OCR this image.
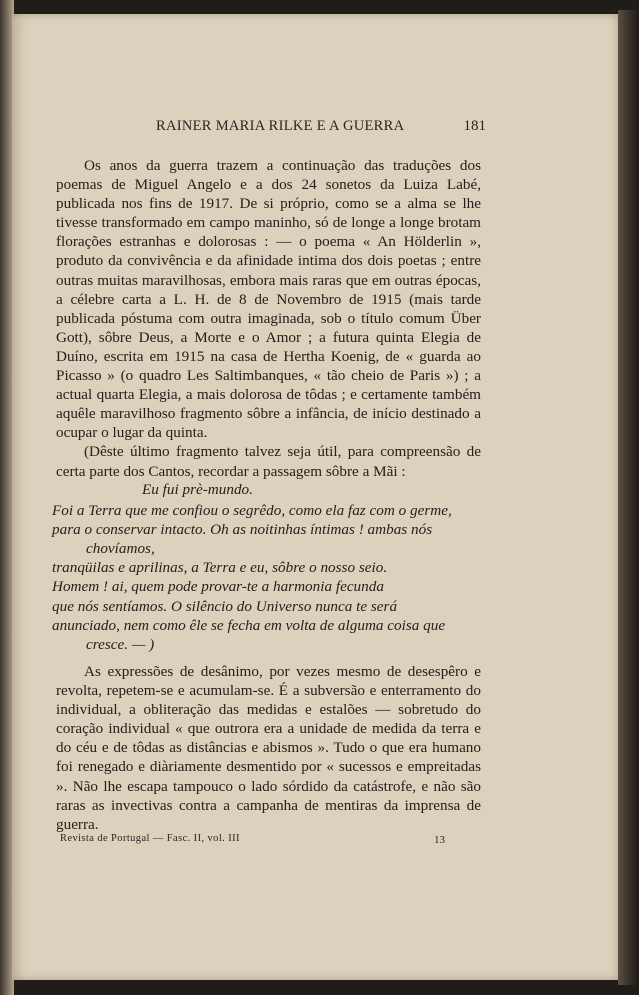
RAINER MARIA RILKE E A GUERRA	181

Os anos da guerra trazem a continuação das traduções dos poemas de Miguel Angelo e a dos 24 sonetos da Luiza Labé, publicada nos fins de 1917. De si próprio, como se a alma se lhe tivesse transformado em campo maninho, só de longe a longe brotam florações estranhas e dolorosas : — o poema « An Hölderlin », produto da convivência e da afinidade intima dos dois poetas ; entre outras muitas maravilhosas, embora mais raras que em outras épocas, a célebre carta a L. H. de 8 de Novembro de 1915 (mais tarde publicada póstuma com outra imaginada, sob o título comum Über Gott), sôbre Deus, a Morte e o Amor ; a futura quinta Elegia de Duíno, escrita em 1915 na casa de Hertha Koenig, de « guarda ao Picasso » (o quadro Les Saltimbanques, « tão cheio de Paris ») ; a actual quarta Elegia, a mais dolorosa de tôdas ; e certamente também aquêle maravilhoso fragmento sôbre a infância, de início destinado a ocupar o lugar da quinta.

(Dêste último fragmento talvez seja útil, para compreensão de certa parte dos Cantos, recordar a passagem sôbre a Mãi :

Eu fui prè-mundo.
Foi a Terra que me confiou o segrêdo, como ela faz com o germe,
para o conservar intacto. Oh as noitinhas íntimas ! ambas nós
chovíamos,
tranqüilas e aprilinas, a Terra e eu, sôbre o nosso seio.
Homem ! ai, quem pode provar-te a harmonia fecunda
que nós sentíamos. O silêncio do Universo nunca te será
anunciado, nem como êle se fecha em volta de alguma coisa que
cresce. — )

As expressões de desânimo, por vezes mesmo de desespêro e revolta, repetem-se e acumulam-se. É a subversão e enterramento do individual, a obliteração das medidas e estalões — sobretudo do coração individual « que outrora era a unidade de medida da terra e do céu e de tôdas as distâncias e abismos ». Tudo o que era humano foi renegado e diàriamente desmentido por « sucessos e empreitadas ». Não lhe escapa tampouco o lado sórdido da catástrofe, e não são raras as invectivas contra a campanha de mentiras da imprensa de guerra.

Revista de Portugal — Fasc. II, vol. III	13
